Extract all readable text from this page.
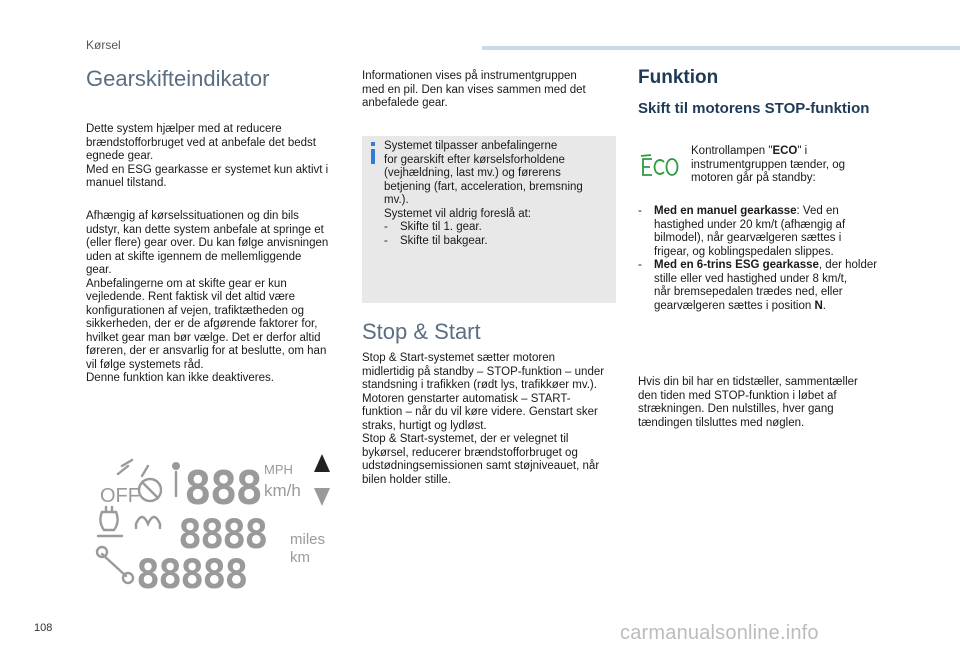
Kørsel
Gearskifteindikator

Dette system hjælper med at reducere
brændstofforbruget ved at anbefale det bedst
egnede gear.
Med en ESG gearkasse er systemet kun aktivt i
manuel tilstand.

Afhængig af kørselssituationen og din bils
udstyr, kan dette system anbefale at springe et
(eller flere) gear over. Du kan følge anvisningen
uden at skifte igennem de mellemliggende
gear.
Anbefalingerne om at skifte gear er kun
vejledende. Rent faktisk vil det altid være
konfigurationen af vejen, trafiktætheden og
sikkerheden, der er de afgørende faktorer for,
hvilket gear man bør vælge. Det er derfor altid
føreren, der er ansvarlig for at beslutte, om han
vil følge systemets råd.
Denne funktion kan ikke deaktiveres.

OFF 888 MPH
km/h
8888 miles
km
88888

Informationen vises på instrumentgruppen
med en pil. Den kan vises sammen med det
anbefalede gear.

Systemet tilpasser anbefalingerne
for gearskift efter kørselsforholdene
(vejhældning, last mv.) og førerens
betjening (fart, acceleration, bremsning
mv.).
Systemet vil aldrig foreslå at:
- Skifte til 1. gear.
- Skifte til bakgear.
Stop & Start

Stop & Start-systemet sætter motoren
midlertidig på standby – STOP-funktion – under
standsning i trafikken (rødt lys, trafikkøer mv.).
Motoren genstarter automatisk – START-
funktion – når du vil køre videre. Genstart sker
straks, hurtigt og lydløst.
Stop & Start-systemet, der er velegnet til
bykørsel, reducerer brændstofforbruget og
udstødningsemissionen samt støjniveauet, når
bilen holder stille.

Funktion
Skift til motorens STOP-funktion

Kontrollampen "ECO" i
instrumentgruppen tænder, og
motoren går på standby:

- Med en manuel gearkasse: Ved en
hastighed under 20 km/t (afhængig af
bilmodel), når gearvælgeren sættes i
frigear, og koblingspedalen slippes.
- Med en 6-trins ESG gearkasse, der holder
stille eller ved hastighed under 8 km/t,
når bremsepedalen trædes ned, eller
gearvælgeren sættes i position N.

Hvis din bil har en tidstæller, sammentæller
den tiden med STOP-funktion i løbet af
strækningen. Den nulstilles, hver gang
tændingen tilsluttes med nøglen.

108	carmanualsonline.info
